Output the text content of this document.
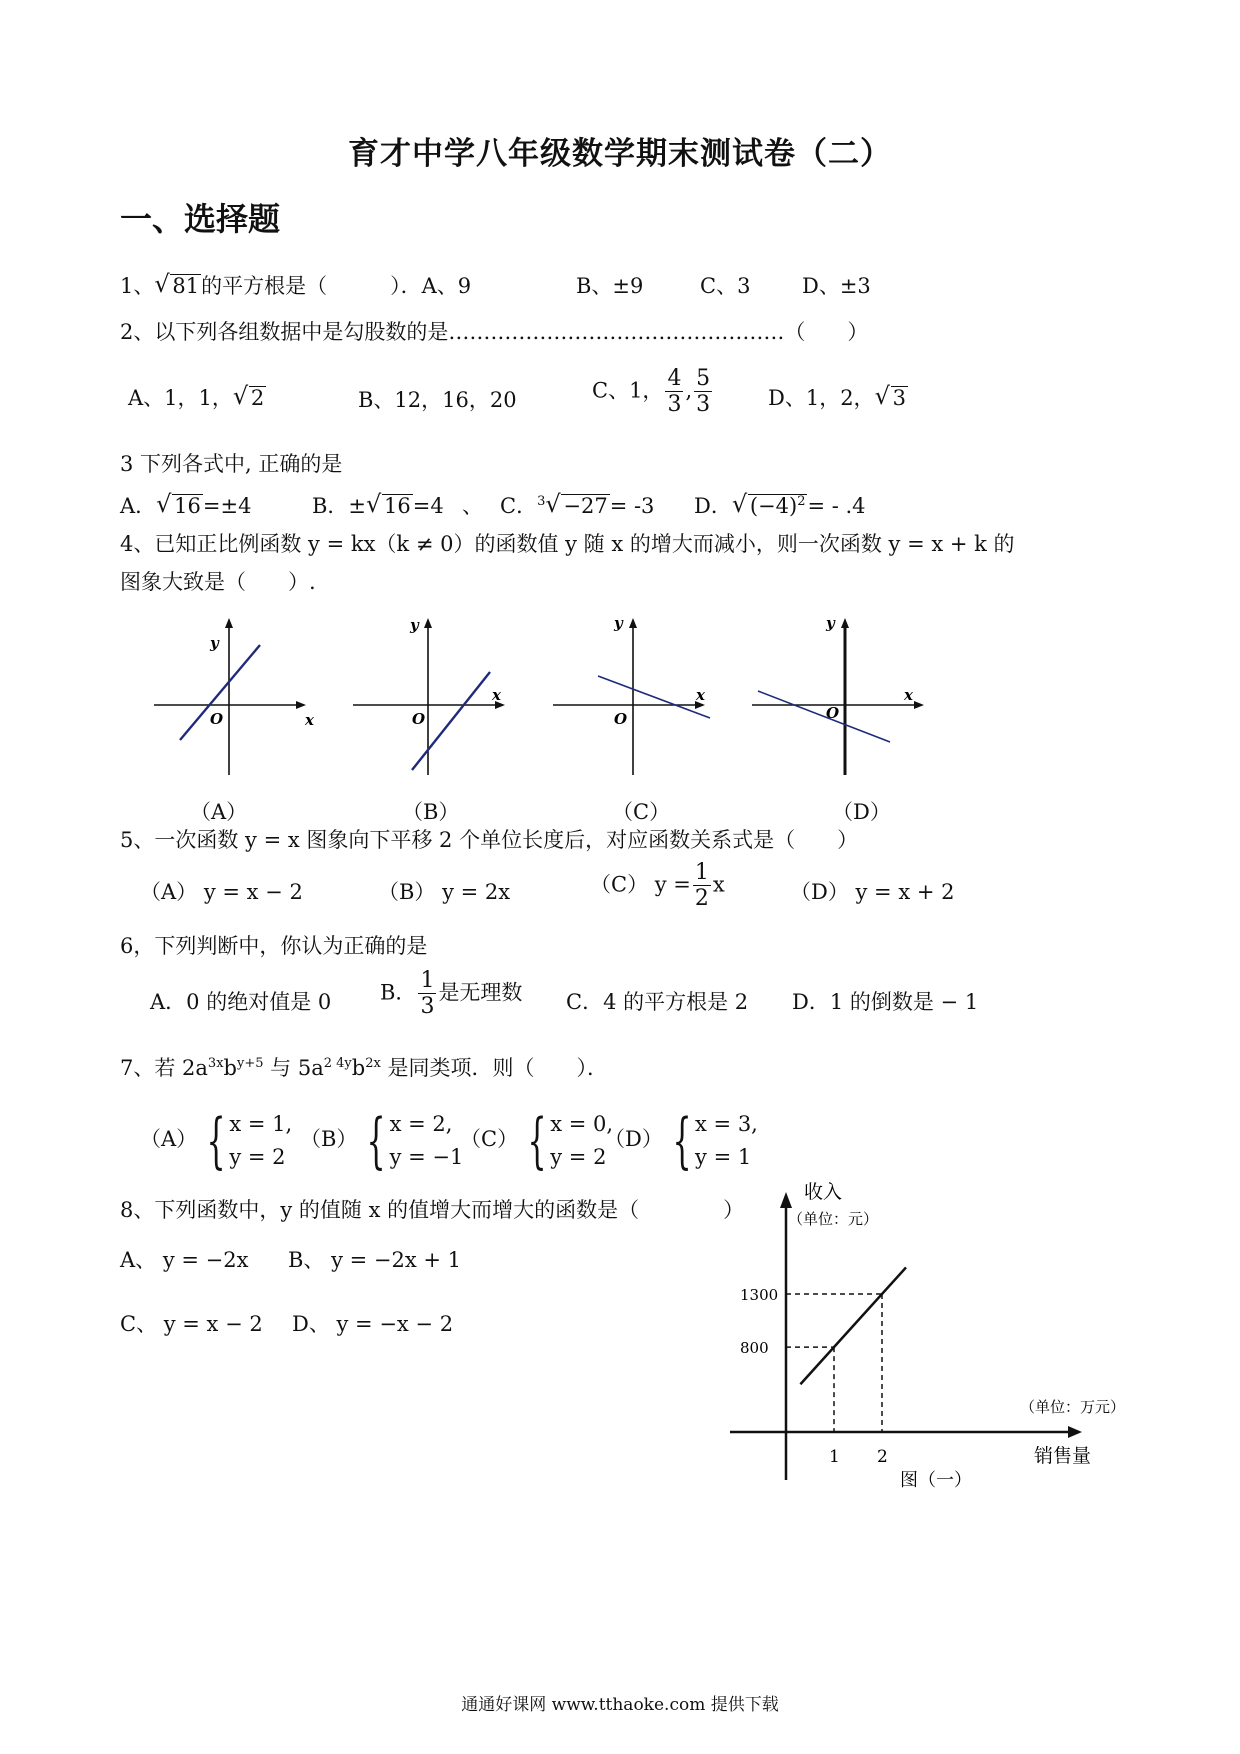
育才中学八年级数学期末测试卷（二）
一、选择题
1、 √ 81的平方根是（　　　）．A、9	B、±9	C、3 D、±3
2、以下列各组数据中是勾股数的是…………………………………………（　　）
A、1，1， √ 2	B、12，16，20	C、1， $\frac{4}{3}$ , $\frac{5}{3}$	D、1，2， √ 3
3 下列各式中, 正确的是
A． √ 16=±4	B．± √ 16=4 、 C．$^3$ √ −27= -3 D． √ $(-4)^2= - .4$
4、已知正比例函数 y = kx（k ≠ 0）的函数值 y 随 x 的增大而减小，则一次函数 y = x + k 的
图象大致是（　　）.
y
x
O
y
x
O
y
x
O
y
x
O
（A）	（B）	（C）	（D）
5、一次函数 y = x 图象向下平移 2 个单位长度后，对应函数关系式是（　　）
（A） y = x − 2	（B） y = 2x	（C） $y = \frac{1}{2}$ x	（D） y = x + 2
6，下列判断中，你认为正确的是
A．0 的绝对值是 0 B． $\frac{1}{3}$ 是无理数 C．4 的平方根是 2 D．1 的倒数是 − 1
7、若 $2a^{3x}b^{y+5}$ 与 $5a^{2 4y}b^{2x}$ 是同类项．则（　　）．
（A） { x = 1,
y = 2
（B） { x = 2,
y = −1
（C） { x = 0,
y = 2
（D） { x = 3,
y = 1
8、下列函数中，y 的值随 x 的值增大而增大的函数是（　　　　）
A、 y = −2x B、 y = −2x + 1
C、 y = x − 2 D、 y = −x − 2
800
1
1300
2
收入
（单位：元）
（单位：万元）
销售量
图（一）
通通好课网 www.tthaoke.com 提供下载
